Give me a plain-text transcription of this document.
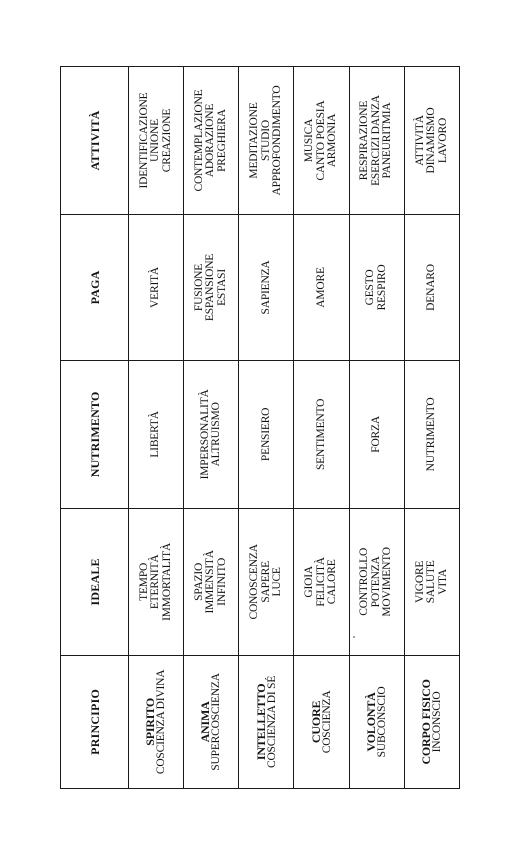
PRINCIPIO	IDEALE	NUTRIMENTO	PAGA	ATTIVITÀ

SPIRITO
COSCIENZA DIVINA	TEMPO ETERNITÀ IMMORTALITÀ	LIBERTÀ	VERITÀ	IDENTIFICAZIONE UNIONE CREAZIONE

ANIMA
SUPERCOSCIENZA	SPAZIO IMMENSITÀ INFINITO	IMPERSONALITÀ ALTRUISMO	FUSIONE ESPANSIONE ESTASI	CONTEMPLAZIONE ADORAZIONE PREGHIERA

INTELLETTO
COSCIENZA DI SÉ	CONOSCENZA SAPERE LUCE	PENSIERO	SAPIENZA	MEDITAZIONE STUDIO APPROFONDIMENTO

CUORE
COSCIENZA	GIOIA FELICITÀ CALORE	SENTIMENTO	AMORE	MUSICA CANTO POESIA ARMONIA

VOLONTÀ
SUBCONSCIO	CONTROLLO POTENZA MOVIMENTO	FORZA	GESTO RESPIRO	RESPIRAZIONE ESERCIZI DANZA PANEURITMIA

CORPO FISICO
INCONSCIO	VIGORE SALUTE VITA	NUTRIMENTO	DENARO	ATTIVITÀ DINAMISMO LAVORO
